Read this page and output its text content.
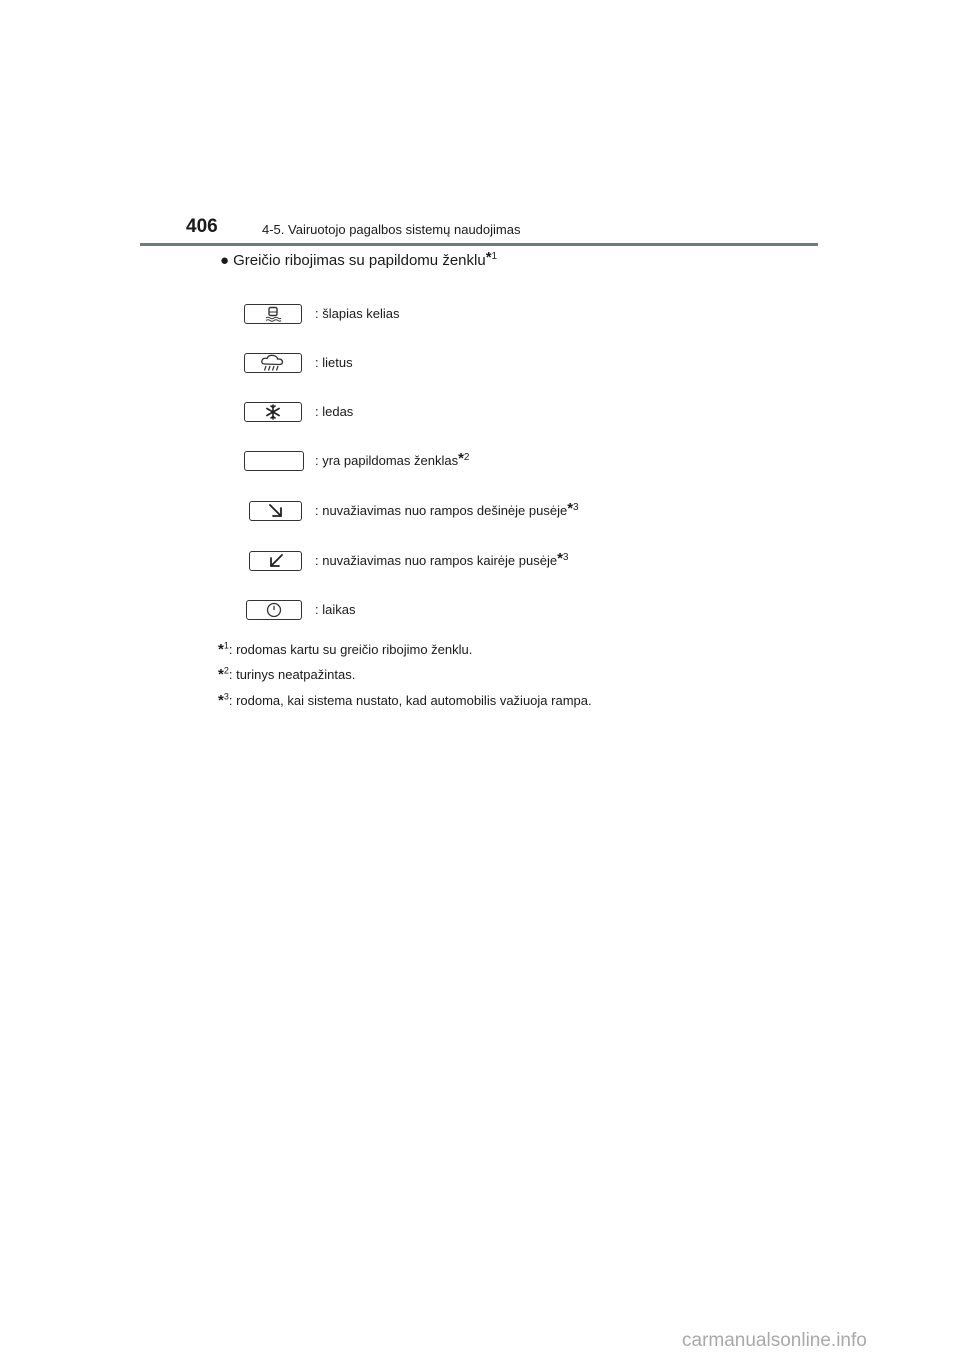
406	4-5. Vairuotojo pagalbos sistemų naudojimas
● Greičio ribojimas su papildomu ženklu$^{*1}$
: šlapias kelias
: lietus
: ledas
: yra papildomas ženklas$^{*2}$
: nuvažiavimas nuo rampos dešinėje pusėje$^{*3}$
: nuvažiavimas nuo rampos kairėje pusėje$^{*3}$
: laikas
*$^1$: rodomas kartu su greičio ribojimo ženklu.
*$^2$: turinys neatpažintas.
*$^3$: rodoma, kai sistema nustato, kad automobilis važiuoja rampa.
carmanualsonline.info
